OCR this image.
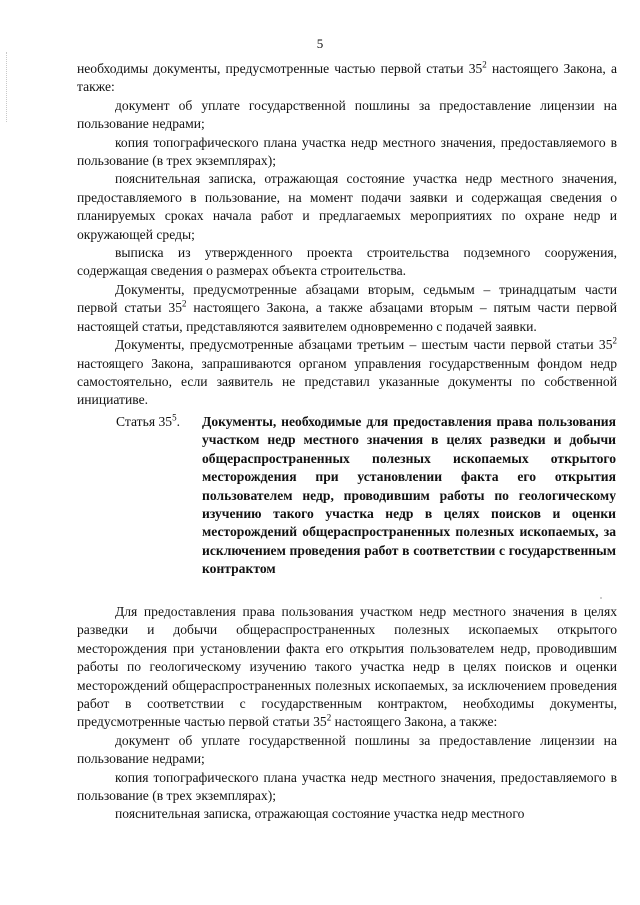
5

необходимы документы, предусмотренные частью первой статьи $35^2$ настоящего Закона, а также:

документ об уплате государственной пошлины за предоставление лицензии на пользование недрами;

копия топографического плана участка недр местного значения, предоставляемого в пользование (в трех экземплярах);

пояснительная записка, отражающая состояние участка недр местного значения, предоставляемого в пользование, на момент подачи заявки и содержащая сведения о планируемых сроках начала работ и предлагаемых мероприятиях по охране недр и окружающей среды;

выписка из утвержденного проекта строительства подземного сооружения, содержащая сведения о размерах объекта строительства.

Документы, предусмотренные абзацами вторым, седьмым – тринадцатым части первой статьи $35^2$ настоящего Закона, а также абзацами вторым – пятым части первой настоящей статьи, представляются заявителем одновременно с подачей заявки.

Документы, предусмотренные абзацами третьим – шестым части первой статьи $35^2$ настоящего Закона, запрашиваются органом управления государственным фондом недр самостоятельно, если заявитель не представил указанные документы по собственной инициативе.

Статья $35^5$.	Документы, необходимые для предоставления права пользования участком недр местного значения в целях разведки и добычи общераспространенных полезных ископаемых открытого месторождения при установлении факта его открытия пользователем недр, проводившим работы по геологическому изучению такого участка недр в целях поисков и оценки месторождений общераспространенных полезных ископаемых, за исключением проведения работ в соответствии с государственным контрактом

Для предоставления права пользования участком недр местного значения в целях разведки и добычи общераспространенных полезных ископаемых открытого месторождения при установлении факта его открытия пользователем недр, проводившим работы по геологическому изучению такого участка недр в целях поисков и оценки месторождений общераспространенных полезных ископаемых, за исключением проведения работ в соответствии с государственным контрактом, необходимы документы, предусмотренные частью первой статьи $35^2$ настоящего Закона, а также:

документ об уплате государственной пошлины за предоставление лицензии на пользование недрами;

копия топографического плана участка недр местного значения, предоставляемого в пользование (в трех экземплярах);

пояснительная записка, отражающая состояние участка недр местного
